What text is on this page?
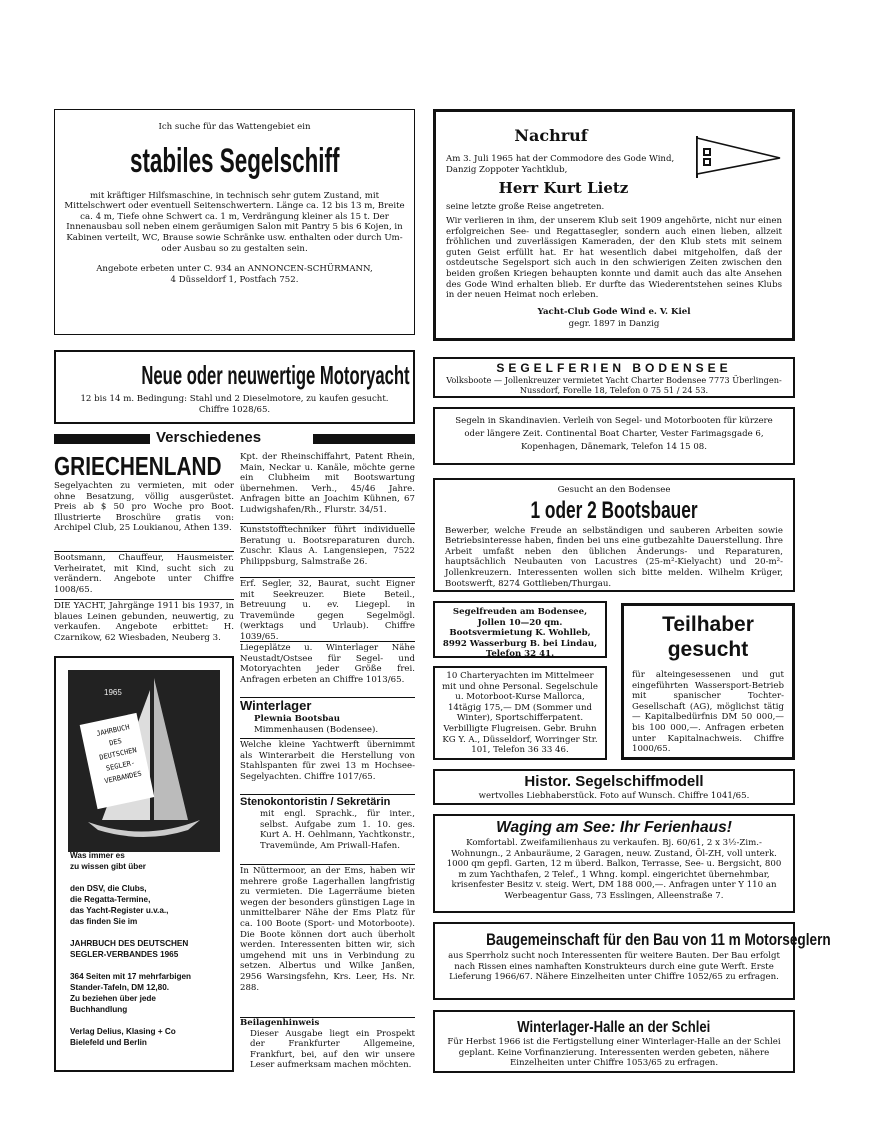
Ich suche für das Wattengebiet ein

stabiles Segelschiff

mit kräftiger Hilfsmaschine, in technisch sehr gutem Zustand, mit Mittelschwert oder eventuell Seitenschwertern. Länge ca. 12 bis 13 m, Breite ca. 4 m, Tiefe ohne Schwert ca. 1 m, Verdrängung kleiner als 15 t. Der Innenausbau soll neben einem geräumigen Salon mit Pantry 5 bis 6 Kojen, in Kabinen verteilt, WC, Brause sowie Schränke usw. enthalten oder durch Um- oder Ausbau so zu gestalten sein.

Angebote erbeten unter C. 934 an ANNONCEN-SCHÜRMANN,

4 Düsseldorf 1, Postfach 752.

Nachruf

Am 3. Juli 1965 hat der Commodore des Gode Wind, Danzig Zoppoter Yachtklub,

Herr Kurt Lietz

seine letzte große Reise angetreten.

Wir verlieren in ihm, der unserem Klub seit 1909 angehörte, nicht nur einen erfolgreichen See- und Regattasegler, sondern auch einen lieben, allzeit fröhlichen und zuverlässigen Kameraden, der den Klub stets mit seinem guten Geist erfüllt hat. Er hat wesentlich dabei mitgeholfen, daß der ostdeutsche Segelsport sich auch in den schwierigen Zeiten zwischen den beiden großen Kriegen behaupten konnte und damit auch das alte Ansehen des Gode Wind erhalten blieb. Er durfte das Wiederentstehen seines Klubs in der neuen Heimat noch erleben.

Yacht-Club Gode Wind e. V. Kiel

gegr. 1897 in Danzig

Neue oder neuwertige Motoryacht

12 bis 14 m. Bedingung: Stahl und 2 Dieselmotore, zu kaufen gesucht. Chiffre 1028/65.

SEGELFERIEN BODENSEE

Volksboote — Jollenkreuzer vermietet Yacht Charter Bodensee 7773 Überlingen-Nussdorf, Forelle 18, Telefon 0 75 51 / 24 53.

Segeln in Skandinavien. Verleih von Segel- und Motorbooten für kürzere oder längere Zeit. Continental Boat Charter, Vester Farimagsgade 6, Kopenhagen, Dänemark, Telefon 14 15 08.

Verschiedenes
GRIECHENLAND

Segelyachten zu vermieten, mit oder ohne Besatzung, völlig ausgerüstet. Preis ab $ 50 pro Woche pro Boot. Illustrierte Broschüre gratis von: Archipel Club, 25 Loukianou, Athen 139.

Bootsmann, Chauffeur, Hausmeister. Verheiratet, mit Kind, sucht sich zu verändern. Angebote unter Chiffre 1008/65.

DIE YACHT, Jahrgänge 1911 bis 1937, in blaues Leinen gebunden, neuwertig, zu verkaufen. Angebote erbittet: H. Czarnikow, 62 Wiesbaden, Neuberg 3.

1965
JAHRBUCH
DES
DEUTSCHEN
SEGLER-
VERBANDES
Was immer es
zu wissen gibt über
den DSV, die Clubs,
die Regatta-Termine,
das Yacht-Register u.v.a.,
das finden Sie im
JAHRBUCH DES DEUTSCHEN
SEGLER-VERBANDES 1965
364 Seiten mit 17 mehrfarbigen
Stander-Tafeln, DM 12,80.
Zu beziehen über jede
Buchhandlung
Verlag Delius, Klasing + Co
Bielefeld und Berlin

Kpt. der Rheinschiffahrt, Patent Rhein, Main, Neckar u. Kanäle, möchte gerne ein Clubheim mit Bootswartung übernehmen. Verh., 45/46 Jahre. Anfragen bitte an Joachim Kühnen, 67 Ludwigshafen/Rh., Flurstr. 34/51.

Kunststofftechniker führt individuelle Beratung u. Bootsreparaturen durch. Zuschr. Klaus A. Langensiepen, 7522 Philippsburg, Salmstraße 26.

Erf. Segler, 32, Baurat, sucht Eigner mit Seekreuzer. Biete Beteil., Betreuung u. ev. Liegepl. in Travemünde gegen Segelmögl. (werktags und Urlaub). Chiffre 1039/65.

Liegeplätze u. Winterlager Nähe Neustadt/Ostsee für Segel- und Motoryachten jeder Größe frei. Anfragen erbeten an Chiffre 1013/65.

Winterlager

Plewnia Bootsbau

Mimmenhausen (Bodensee).

Welche kleine Yachtwerft übernimmt als Winterarbeit die Herstellung von Stahlspanten für zwei 13 m Hochsee-Segelyachten. Chiffre 1017/65.

Stenokontoristin / Sekretärin

mit engl. Sprachk., für inter., selbst. Aufgabe zum 1. 10. ges. Kurt A. H. Oehlmann, Yachtkonstr., Travemünde, Am Priwall-Hafen.

In Nüttermoor, an der Ems, haben wir mehrere große Lagerhallen langfristig zu vermieten. Die Lagerräume bieten wegen der besonders günstigen Lage in unmittelbarer Nähe der Ems Platz für ca. 100 Boote (Sport- und Motorboote). Die Boote können dort auch überholt werden. Interessenten bitten wir, sich umgehend mit uns in Verbindung zu setzen. Albertus und Wilke Janßen, 2956 Warsingsfehn, Krs. Leer, Hs. Nr. 288.

Beilagenhinweis

Dieser Ausgabe liegt ein Prospekt der Frankfurter Allgemeine, Frankfurt, bei, auf den wir unsere Leser aufmerksam machen möchten.

Gesucht an den Bodensee

1 oder 2 Bootsbauer

Bewerber, welche Freude an selbständigen und sauberen Arbeiten sowie Betriebsinteresse haben, finden bei uns eine gutbezahlte Dauerstellung. Ihre Arbeit umfaßt neben den üblichen Änderungs- und Reparaturen, hauptsächlich Neubauten von Lacustres (25-m²-Kielyacht) und 20-m²-Jollenkreuzern. Interessenten wollen sich bitte melden. Wilhelm Krüger, Bootswerft, 8274 Gottlieben/Thurgau.

Segelfreuden am Bodensee, Jollen 10—20 qm. Bootsvermietung K. Wohlleb, 8992 Wasserburg B. bei Lindau, Telefon 32 41.

10 Charteryachten im Mittelmeer mit und ohne Personal. Segelschule u. Motorboot-Kurse Mallorca, 14tägig 175,— DM (Sommer und Winter), Sportschifferpatent. Verbilligte Flugreisen. Gebr. Bruhn KG Y. A., Düsseldorf, Worringer Str. 101, Telefon 36 33 46.

Teilhaber
gesucht

für alteingesessenen und gut eingeführten Wassersport-Betrieb mit spanischer Tochter-Gesellschaft (AG), möglichst tätig — Kapitalbedürfnis DM 50 000,— bis 100 000,—. Anfragen erbeten unter Kapitalnachweis. Chiffre 1000/65.

Histor. Segelschiffmodell

wertvolles Liebhaberstück. Foto auf Wunsch. Chiffre 1041/65.

Waging am See: Ihr Ferienhaus!

Komfortabl. Zweifamilienhaus zu verkaufen. Bj. 60/61, 2 x 3½-Zim.-Wohnungn., 2 Anbauräume, 2 Garagen, neuw. Zustand, Öl-ZH, voll unterk. 1000 qm gepfl. Garten, 12 m überd. Balkon, Terrasse, See- u. Bergsicht, 800 m zum Yachthafen, 2 Telef., 1 Whng. kompl. eingerichtet übernehmbar, krisenfester Besitz v. steig. Wert, DM 188 000,—. Anfragen unter Y 110 an Werbeagentur Gass, 73 Esslingen, Alleenstraße 7.

Baugemeinschaft für den Bau von 11 m Motorseglern

aus Sperrholz sucht noch Interessenten für weitere Bauten. Der Bau erfolgt nach Rissen eines namhaften Konstrukteurs durch eine gute Werft. Erste Lieferung 1966/67. Nähere Einzelheiten unter Chiffre 1052/65 zu erfragen.

Winterlager-Halle an der Schlei

Für Herbst 1966 ist die Fertigstellung einer Winterlager-Halle an der Schlei geplant. Keine Vorfinanzierung. Interessenten werden gebeten, nähere Einzelheiten unter Chiffre 1053/65 zu erfragen.
